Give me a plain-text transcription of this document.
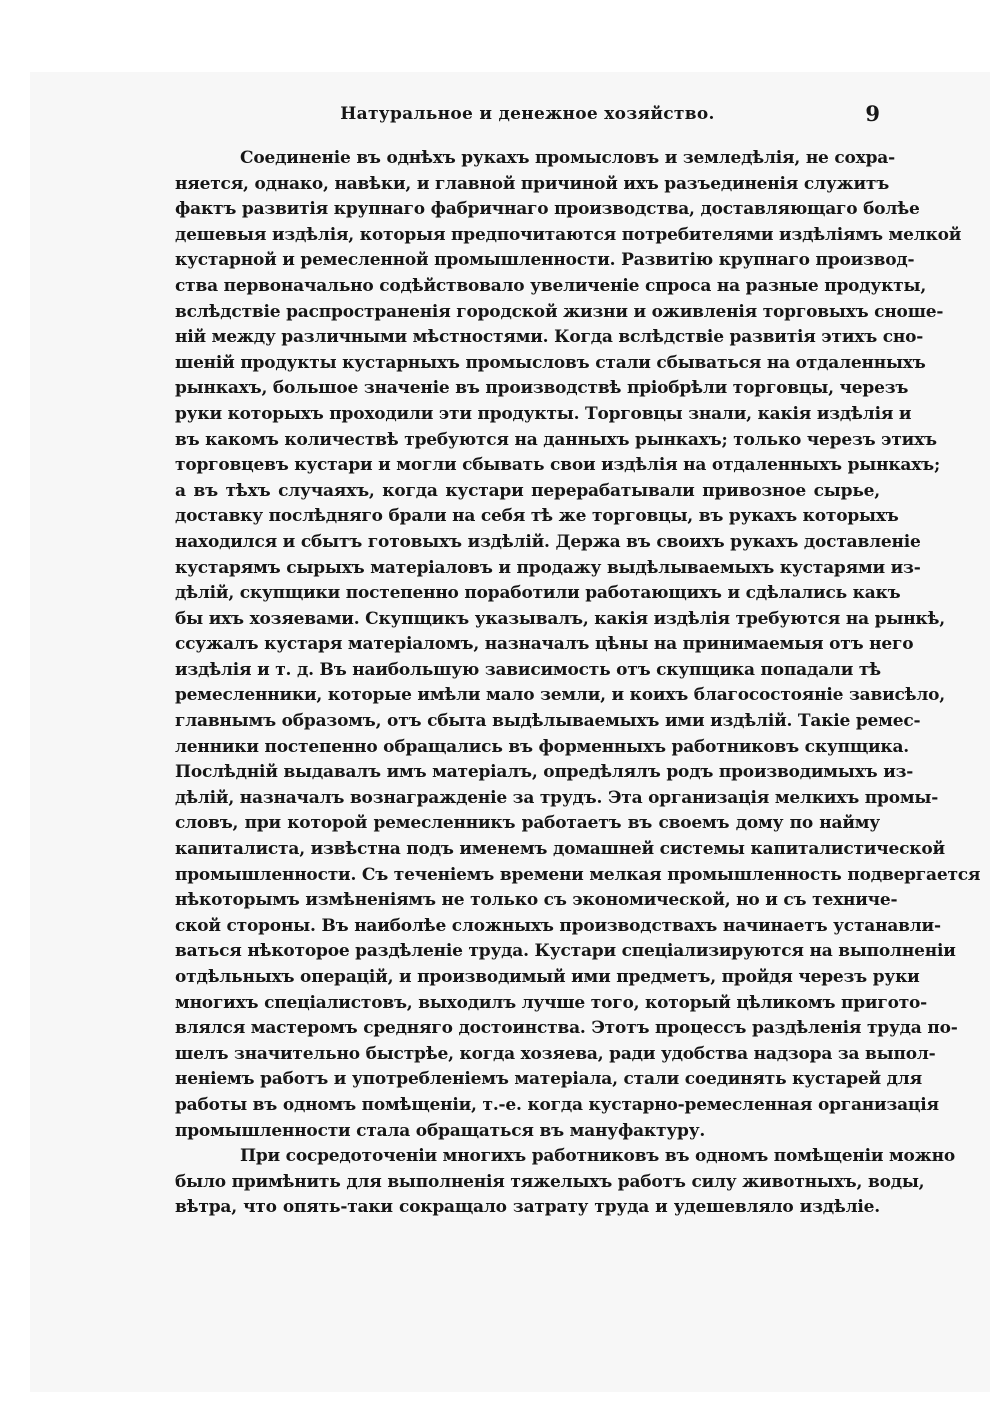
Натуральное и денежное хозяйство.	9
Соединеніе въ однѣхъ рукахъ промысловъ и земледѣлія, не сохра-
няется, однако, навѣки, и главной причиной ихъ разъединенія служитъ
фактъ развитія крупнаго фабричнаго производства, доставляющаго болѣе
дешевыя издѣлія, которыя предпочитаются потребителями издѣліямъ мелкой
кустарной и ремесленной промышленности. Развитію крупнаго производ-
ства первоначально содѣйствовало увеличеніе спроса на разные продукты,
вслѣдствіе распространенія городской жизни и оживленія торговыхъ сноше-
ній между различными мѣстностями. Когда вслѣдствіе развитія этихъ сно-
шеній продукты кустарныхъ промысловъ стали сбываться на отдаленныхъ
рынкахъ, большое значеніе въ производствѣ пріобрѣли торговцы, черезъ
руки которыхъ проходили эти продукты. Торговцы знали, какія издѣлія и
въ какомъ количествѣ требуются на данныхъ рынкахъ; только черезъ этихъ
торговцевъ кустари и могли сбывать свои издѣлія на отдаленныхъ рынкахъ;
а въ тѣхъ случаяхъ, когда кустари перерабатывали привозное сырье,
доставку послѣдняго брали на себя тѣ же торговцы, въ рукахъ которыхъ
находился и сбытъ готовыхъ издѣлій. Держа въ своихъ рукахъ доставленіе
кустарямъ сырыхъ матеріаловъ и продажу выдѣлываемыхъ кустарями из-
дѣлій, скупщики постепенно поработили работающихъ и сдѣлались какъ
бы ихъ хозяевами. Скупщикъ указывалъ, какія издѣлія требуются на рынкѣ,
ссужалъ кустаря матеріаломъ, назначалъ цѣны на принимаемыя отъ него
издѣлія и т. д. Въ наибольшую зависимость отъ скупщика попадали тѣ
ремесленники, которые имѣли мало земли, и коихъ благосостояніе зависѣло,
главнымъ образомъ, отъ сбыта выдѣлываемыхъ ими издѣлій. Такіе ремес-
ленники постепенно обращались въ форменныхъ работниковъ скупщика.
Послѣдній выдавалъ имъ матеріалъ, опредѣлялъ родъ производимыхъ из-
дѣлій, назначалъ вознагражденіе за трудъ. Эта организація мелкихъ промы-
словъ, при которой ремесленникъ работаетъ въ своемъ дому по найму
капиталиста, извѣстна подъ именемъ домашней системы капиталистической
промышленности. Съ теченіемъ времени мелкая промышленность подвергается
нѣкоторымъ измѣненіямъ не только съ экономической, но и съ техниче-
ской стороны. Въ наиболѣе сложныхъ производствахъ начинаетъ устанавли-
ваться нѣкоторое раздѣленіе труда. Кустари спеціализируются на выполненіи
отдѣльныхъ операцій, и производимый ими предметъ, пройдя черезъ руки
многихъ спеціалистовъ, выходилъ лучше того, который цѣликомъ пригото-
влялся мастеромъ средняго достоинства. Этотъ процессъ раздѣленія труда по-
шелъ значительно быстрѣе, когда хозяева, ради удобства надзора за выпол-
неніемъ работъ и употребленіемъ матеріала, стали соединять кустарей для
работы въ одномъ помѣщеніи, т.-е. когда кустарно-ремесленная организація
промышленности стала обращаться въ мануфактуру.
При сосредоточеніи многихъ работниковъ въ одномъ помѣщеніи можно
было примѣнить для выполненія тяжелыхъ работъ силу животныхъ, воды,
вѣтра, что опять-таки сокращало затрату труда и удешевляло издѣліе.
